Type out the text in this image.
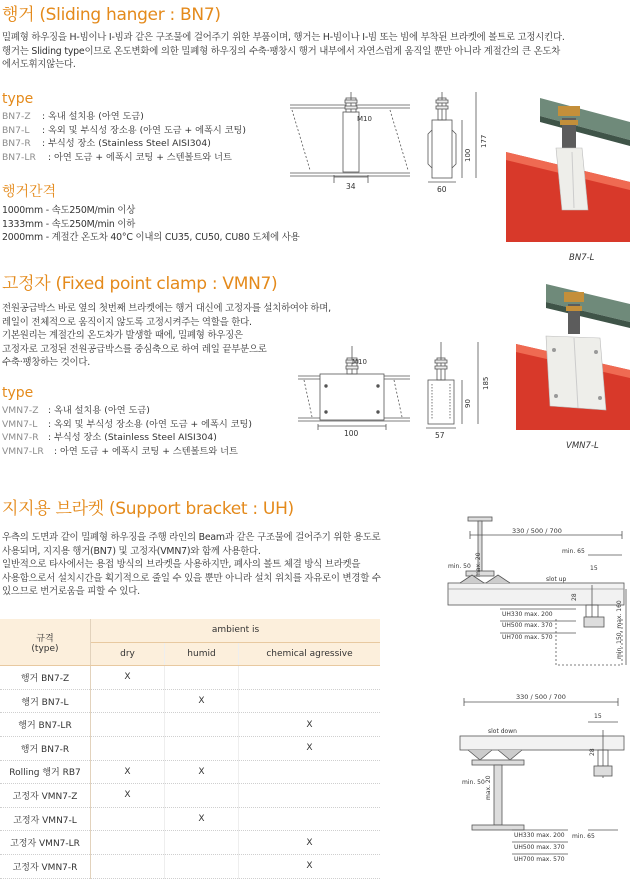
행거 (Sliding hanger : BN7)
밀폐형 하우징을 H-빔이나 I-빔과 같은 구조물에 걸어주기 위한 부품이며, 행거는 H-빔이나 I-빔 또는 빔에 부착된 브라켓에 볼트로 고정시킨다.
행거는 Sliding type이므로 온도변화에 의한 밀폐형 하우징의 수축·팽창시 행거 내부에서 자연스럽게 움직일 뿐만 아니라 계절간의 큰 온도차
에서도휘지않는다.
type
BN7-Z : 옥내 설치용 (아연 도금)
BN7-L : 옥외 및 부식성 장소용 (아연 도금 + 에폭시 코팅)
BN7-R : 부식성 장소 (Stainless Steel AISI304)
BN7-LR : 아연 도금 + 에폭시 코팅 + 스텐볼트와 너트
행거간격
1000mm - 속도250M/min 이상
1333mm - 속도250M/min 이하
2000mm - 계절간 온도차 40°C 이내의 CU35, CU50, CU80 도체에 사용
M10
34	60
100
177
BN7-L
고정자 (Fixed point clamp : VMN7)
전원공급박스 바로 옆의 첫번째 브라켓에는 행거 대신에 고정자를 설치하여야 하며,
레일이 전체적으로 움직이지 않도록 고정시켜주는 역할을 한다.
기본원리는 계절간의 온도차가 발생할 때에, 밀폐형 하우징은
고정자로 고정된 전원공급박스를 중심축으로 하여 레일 끝부분으로
수축·팽창하는 것이다.
type
VMN7-Z : 옥내 설치용 (아연 도금)
VMN7-L : 옥외 및 부식성 장소용 (아연 도금 + 에폭시 코팅)
VMN7-R : 부식성 장소 (Stainless Steel AISI304)
VMN7-LR : 아연 도금 + 에폭시 코팅 + 스텐볼트와 너트
M10
100	57
90
185
VMN7-L
지지용 브라켓 (Support bracket : UH)
우측의 도면과 같이 밀폐형 하우징을 주행 라인의 Beam과 같은 구조물에 걸어주기 위한 용도로
사용되며, 지지용 행거(BN7) 및 고정자(VMN7)와 함께 사용한다.
일반적으로 타사에서는 용접 방식의 브라켓을 사용하지만, 폐사의 볼트 체결 방식 브라켓을
사용함으로서 설치시간을 획기적으로 줄일 수 있을 뿐만 아니라 설치 위치를 자유로이 변경할 수
있으므로 번거로움을 피할 수 있다.
규격
(type)	ambient is		
	dry	humid	chemical agressive
행거 BN7-Z	X		
행거 BN7-L		X	
행거 BN7-LR			X
행거 BN7-R			X
Rolling 행거 RB7	X	X	
고정자 VMN7-Z	X		
고정자 VMN7-L		X	
고정자 VMN7-LR			X
고정자 VMN7-R			X
330 / 500 / 700
min. 50 max. 20
min. 65
15
slot up
28
UH330 max. 200
UH500 max. 370
UH700 max. 570	min. 150, max. 160
330 / 500 / 700
15
slot down
28
max. 20
min. 50
min. 65
UH330 max. 200
UH500 max. 370
UH700 max. 570
